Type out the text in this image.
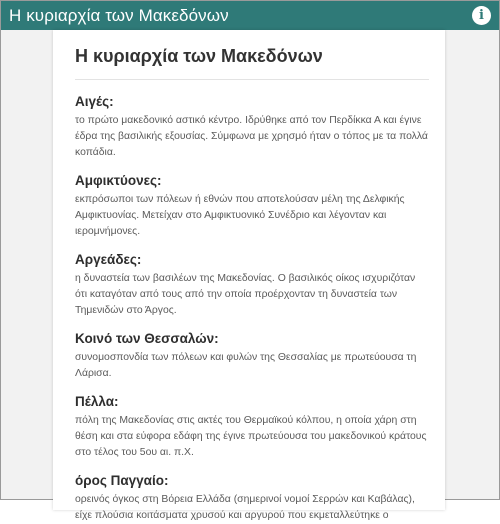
Η κυριαρχία των Μακεδόνων	i
Η κυριαρχία των Μακεδόνων
Αιγές:
το πρώτο μακεδονικό αστικό κέντρο. Ιδρύθηκε από τον Περδίκκα Α και έγινε έδρα της βασιλικής εξουσίας. Σύμφωνα με χρησμό ήταν ο τόπος με τα πολλά κοπάδια.
Αμφικτύονες:
εκπρόσωποι των πόλεων ή εθνών που αποτελούσαν μέλη της Δελφικής Αμφικτυονίας. Μετείχαν στο Αμφικτυονικό Συνέδριο και λέγονταν και ιερομνήμονες.
Αργεάδες:
η δυναστεία των βασιλέων της Μακεδονίας. Ο βασιλικός οίκος ισχυριζόταν ότι καταγόταν από τους από την οποία προέρχονταν τη δυναστεία των Τημενιδών στο Άργος.
Κοινό των Θεσσαλών:
συνομοσπονδία των πόλεων και φυλών της Θεσσαλίας με πρωτεύουσα τη Λάρισα.
Πέλλα:
πόλη της Μακεδονίας στις ακτές του Θερμαϊκού κόλπου, η οποία χάρη στη θέση και στα εύφορα εδάφη της έγινε πρωτεύουσα του μακεδονικού κράτους στο τέλος του 5ου αι. π.Χ.
όρος Παγγαίο:
ορεινός όγκος στη Βόρεια Ελλάδα (σημερινοί νομοί Σερρών και Καβάλας), είχε πλούσια κοιτάσματα χρυσού και αργυρού που εκμεταλλεύτηκε ο
